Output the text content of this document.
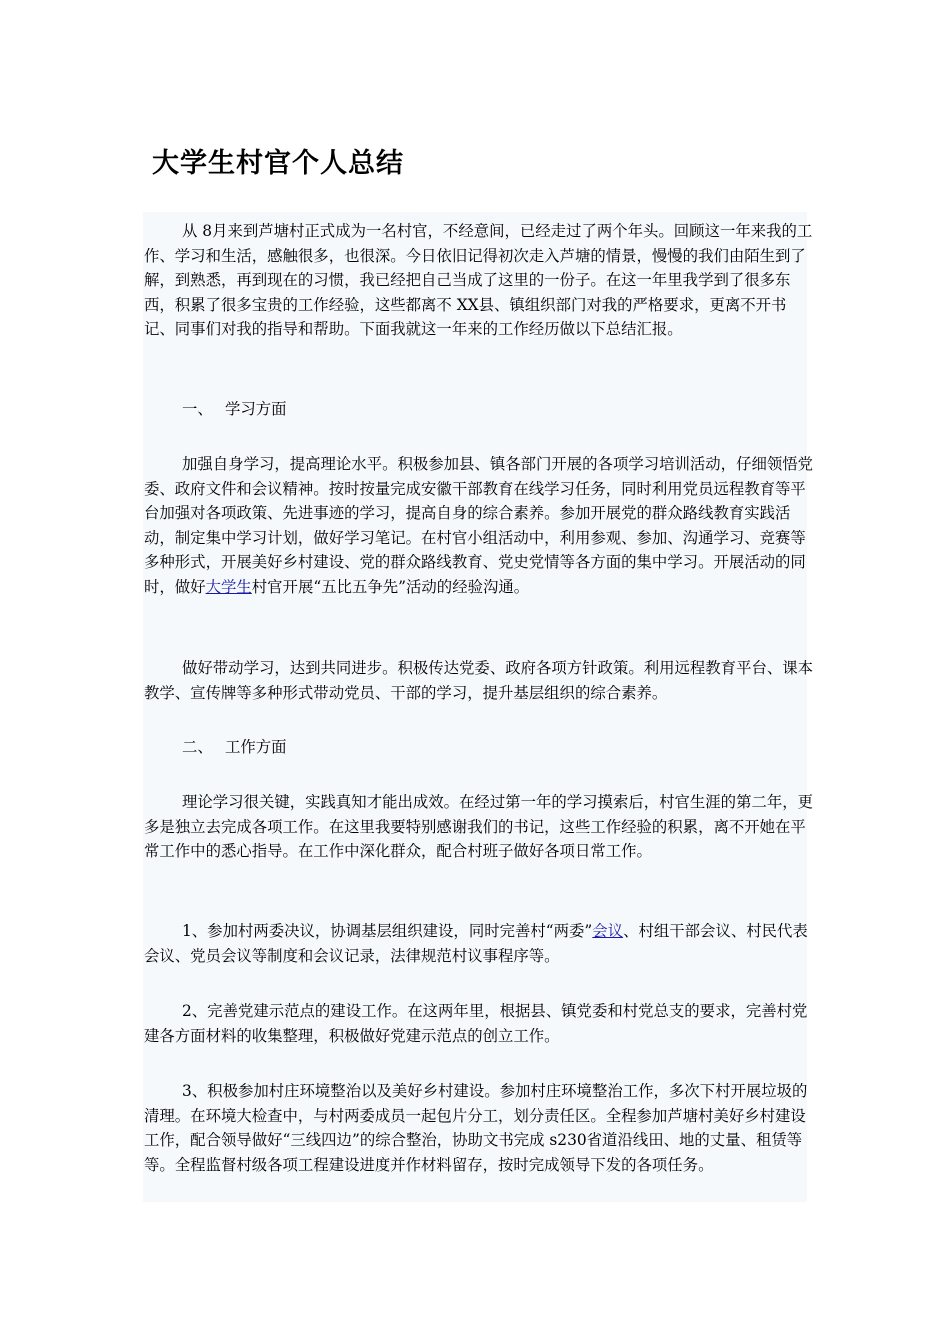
大学生村官个人总结

从 8月来到芦塘村正式成为一名村官，不经意间，已经走过了两个年头。回顾这一年来我的工作、学习和生活，感触很多，也很深。今日依旧记得初次走入芦塘的情景，慢慢的我们由陌生到了解，到熟悉，再到现在的习惯，我已经把自己当成了这里的一份子。在这一年里我学到了很多东西，积累了很多宝贵的工作经验，这些都离不 XX县、镇组织部门对我的严格要求，更离不开书记、同事们对我的指导和帮助。下面我就这一年来的工作经历做以下总结汇报。

一、 学习方面

加强自身学习，提高理论水平。积极参加县、镇各部门开展的各项学习培训活动，仔细领悟党委、政府文件和会议精神。按时按量完成安徽干部教育在线学习任务，同时利用党员远程教育等平台加强对各项政策、先进事迹的学习，提高自身的综合素养。参加开展党的群众路线教育实践活动，制定集中学习计划，做好学习笔记。在村官小组活动中，利用参观、参加、沟通学习、竞赛等多种形式，开展美好乡村建设、党的群众路线教育、党史党情等各方面的集中学习。开展活动的同时，做好大学生村官开展“五比五争先”活动的经验沟通。

做好带动学习，达到共同进步。积极传达党委、政府各项方针政策。利用远程教育平台、课本教学、宣传牌等多种形式带动党员、干部的学习，提升基层组织的综合素养。

二、 工作方面

理论学习很关键，实践真知才能出成效。在经过第一年的学习摸索后，村官生涯的第二年，更多是独立去完成各项工作。在这里我要特别感谢我们的书记，这些工作经验的积累，离不开她在平常工作中的悉心指导。在工作中深化群众，配合村班子做好各项日常工作。

1、参加村两委决议，协调基层组织建设，同时完善村“两委”会议、村组干部会议、村民代表会议、党员会议等制度和会议记录，法律规范村议事程序等。

2、完善党建示范点的建设工作。在这两年里，根据县、镇党委和村党总支的要求，完善村党建各方面材料的收集整理，积极做好党建示范点的创立工作。

3、积极参加村庄环境整治以及美好乡村建设。参加村庄环境整治工作，多次下村开展垃圾的清理。在环境大检查中，与村两委成员一起包片分工，划分责任区。全程参加芦塘村美好乡村建设工作，配合领导做好“三线四边”的综合整治，协助文书完成 s230省道沿线田、地的丈量、租赁等等。全程监督村级各项工程建设进度并作材料留存，按时完成领导下发的各项任务。
